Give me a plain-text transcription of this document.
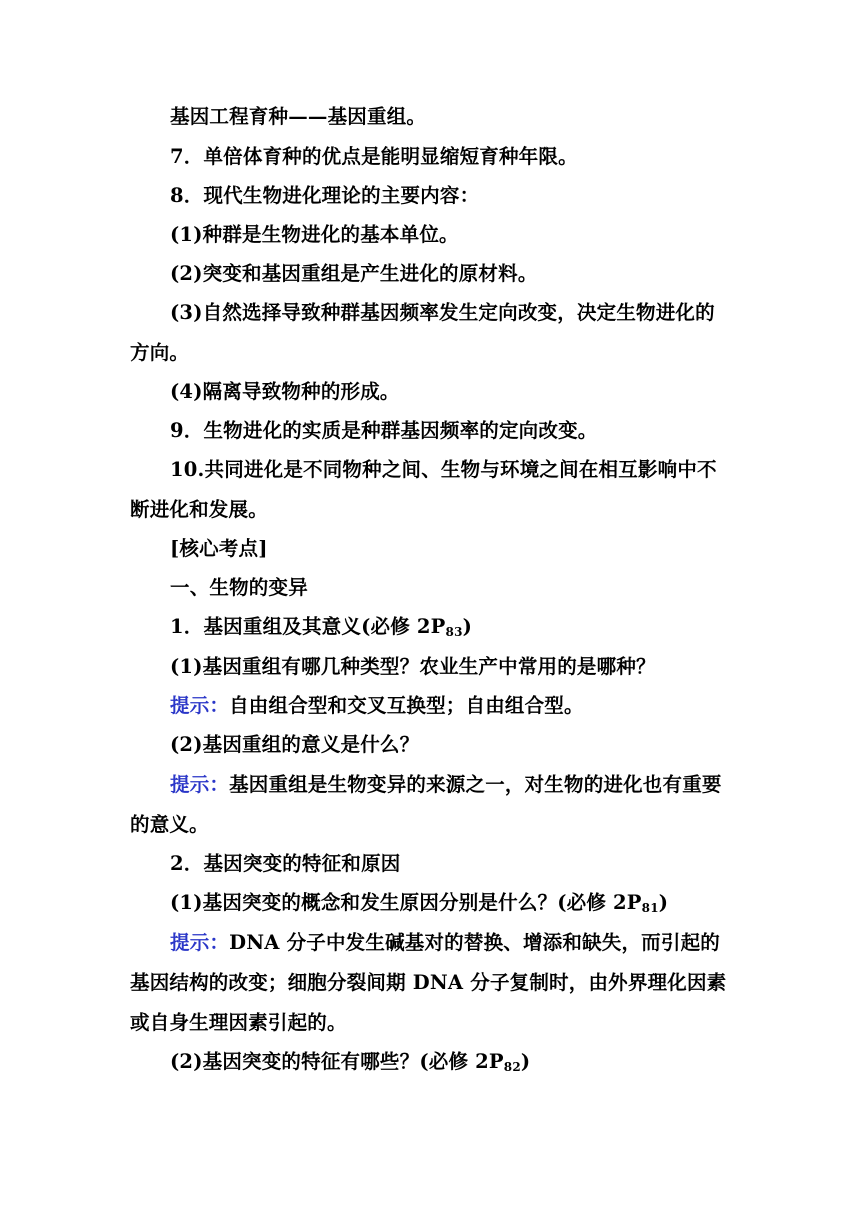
基因工程育种——基因重组。
7．单倍体育种的优点是能明显缩短育种年限。
8．现代生物进化理论的主要内容：
(1)种群是生物进化的基本单位。
(2)突变和基因重组是产生进化的原材料。
(3)自然选择导致种群基因频率发生定向改变，决定生物进化的
方向。
(4)隔离导致物种的形成。
9．生物进化的实质是种群基因频率的定向改变。
10.共同进化是不同物种之间、生物与环境之间在相互影响中不
断进化和发展。
[核心考点]
一、生物的变异
1．基因重组及其意义(必修 $2P_{83}$)
(1)基因重组有哪几种类型？农业生产中常用的是哪种？
提示：自由组合型和交叉互换型；自由组合型。
(2)基因重组的意义是什么？
提示：基因重组是生物变异的来源之一，对生物的进化也有重要
的意义。
2．基因突变的特征和原因
(1)基因突变的概念和发生原因分别是什么？(必修 $2P_{81}$)
提示：DNA 分子中发生碱基对的替换、增添和缺失，而引起的
基因结构的改变；细胞分裂间期 DNA 分子复制时，由外界理化因素
或自身生理因素引起的。
(2)基因突变的特征有哪些？(必修 $2P_{82}$)
